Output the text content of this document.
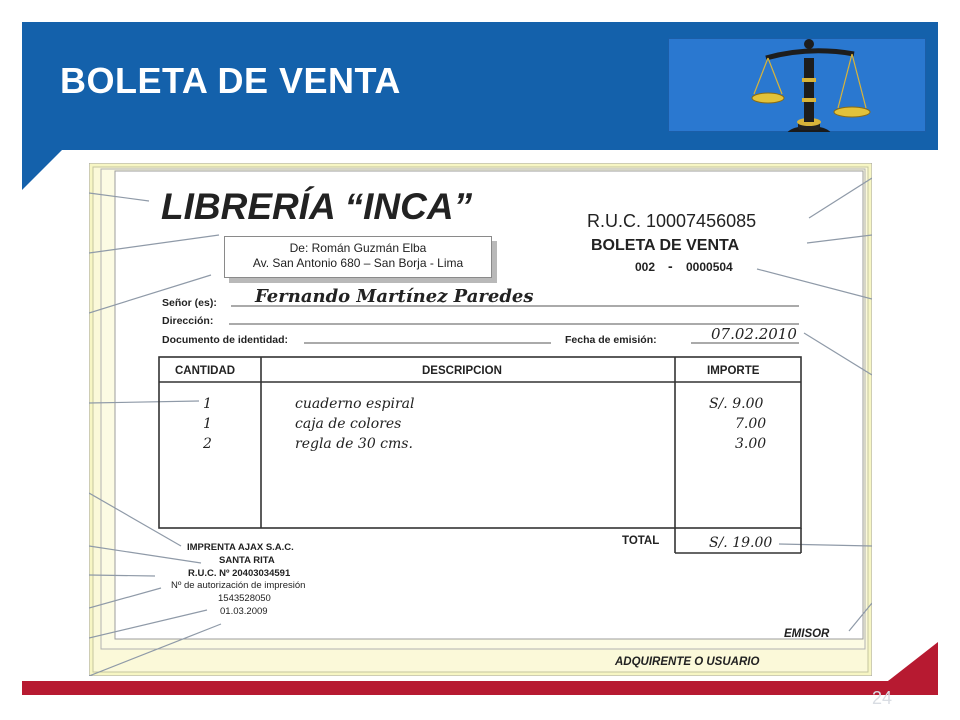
BOLETA DE VENTA
LIBRERÍA “INCA”	R.U.C. 10007456085
BOLETA DE VENTA
002 - 0000504
Señor (es): Fernando Martínez Paredes
Dirección:
Documento de identidad:	Fecha de emisión:	07.02.2010
CANTIDAD	DESCRIPCION	IMPORTE
1	cuaderno espiral	S/. 9.00
1	caja de colores	7.00
2	regla de 30 cms.	3.00
TOTAL	S/. 19.00
IMPRENTA AJAX S.A.C.
SANTA RITA
R.U.C. Nº 20403034591
Nº de autorización de impresión
1543528050
01.03.2009
EMISOR
ADQUIRENTE O USUARIO
De: Román Guzmán Elba
Av. San Antonio 680 – San Borja - Lima
24
